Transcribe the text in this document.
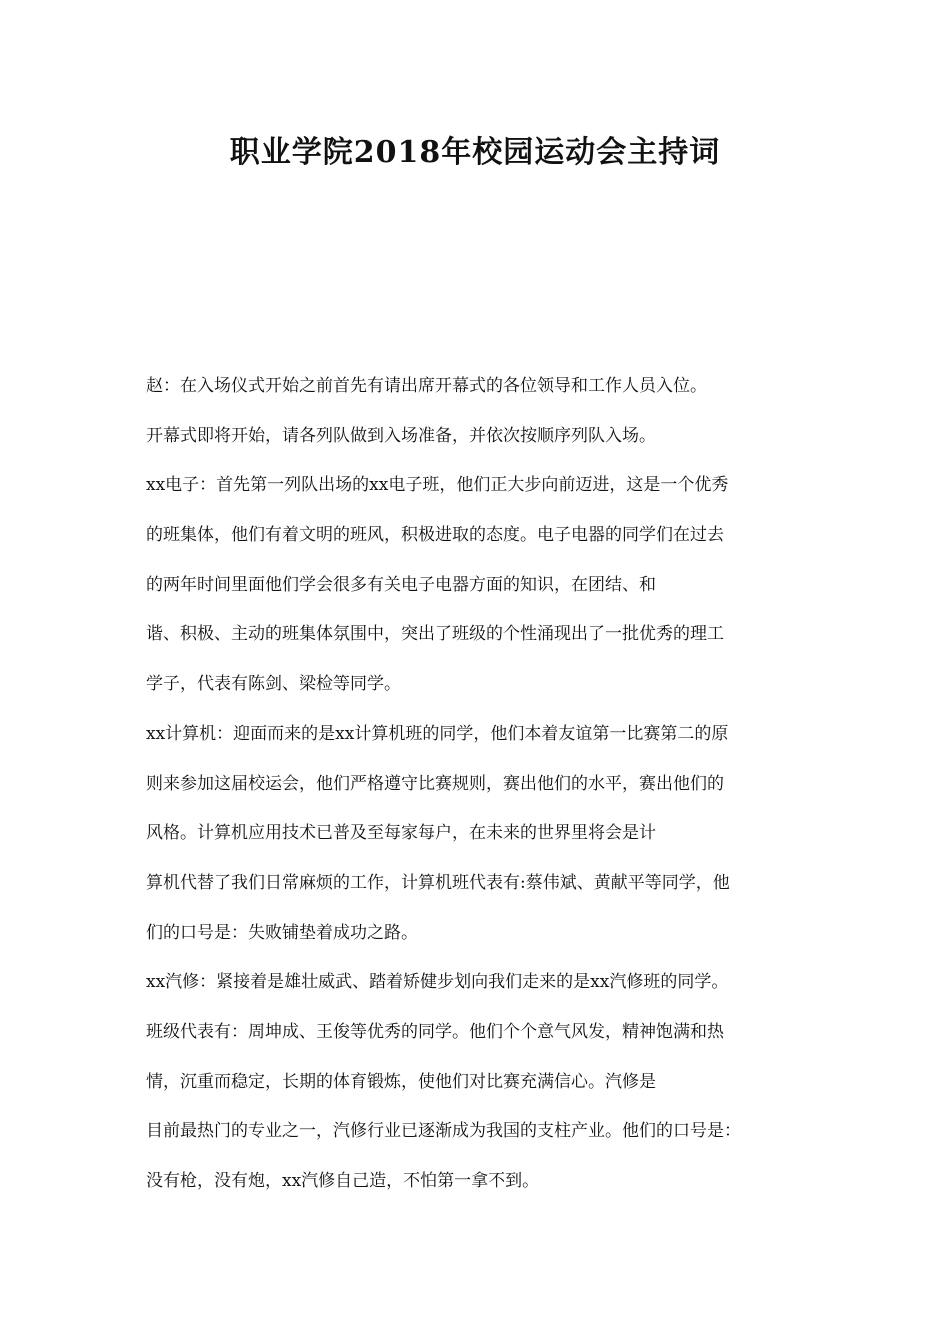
职业学院2018年校园运动会主持词

赵：在入场仪式开始之前首先有请出席开幕式的各位领导和工作人员入位。

开幕式即将开始，请各列队做到入场准备，并依次按顺序列队入场。

xx电子：首先第一列队出场的xx电子班，他们正大步向前迈进，这是一个优秀

的班集体，他们有着文明的班风，积极进取的态度。电子电器的同学们在过去

的两年时间里面他们学会很多有关电子电器方面的知识，在团结、和

谐、积极、主动的班集体氛围中，突出了班级的个性涌现出了一批优秀的理工

学子，代表有陈剑、梁检等同学。

xx计算机：迎面而来的是xx计算机班的同学，他们本着友谊第一比赛第二的原

则来参加这届校运会，他们严格遵守比赛规则，赛出他们的水平，赛出他们的

风格。计算机应用技术已普及至每家每户，在未来的世界里将会是计

算机代替了我们日常麻烦的工作，计算机班代表有:蔡伟斌、黄献平等同学，他

们的口号是：失败铺垫着成功之路。

xx汽修：紧接着是雄壮威武、踏着矫健步划向我们走来的是xx汽修班的同学。

班级代表有：周坤成、王俊等优秀的同学。他们个个意气风发，精神饱满和热

情，沉重而稳定，长期的体育锻炼，使他们对比赛充满信心。汽修是

目前最热门的专业之一，汽修行业已逐渐成为我国的支柱产业。他们的口号是：

没有枪，没有炮，xx汽修自己造，不怕第一拿不到。
